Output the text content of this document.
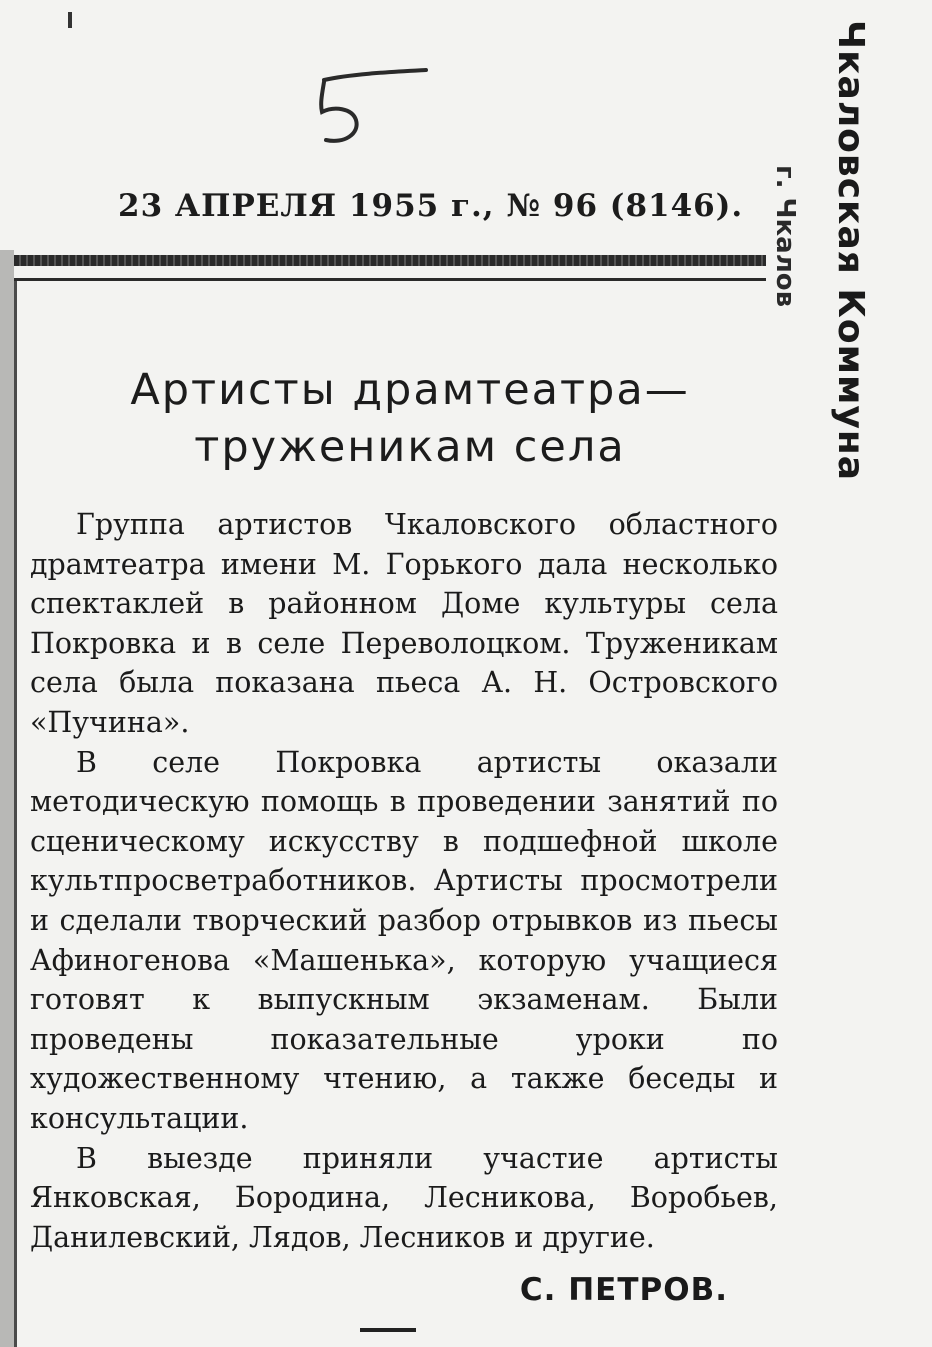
Чкаловская Коммуна
г. Чкалов

23 АПРЕЛЯ 1955 г., № 96 (8146).

Артисты драмтеатра—
труженикам села

Группа артистов Чкаловского областного драмтеатра имени М. Горького дала несколько спектаклей в районном Доме культуры села Покровка и в селе Переволоцком. Труженикам села была показана пьеса А. Н. Островского «Пучина».

В селе Покровка артисты оказали методическую помощь в проведении занятий по сценическому искусству в подшефной школе культпросветработников. Артисты просмотрели и сделали творческий разбор отрывков из пьесы Афиногенова «Машенька», которую учащиеся готовят к выпускным экзаменам. Были проведены показательные уроки по художественному чтению, а также беседы и консультации.

В выезде приняли участие артисты Янковская, Бородина, Лесникова, Воробьев, Данилевский, Лядов, Лесников и другие.

С. ПЕТРОВ.
